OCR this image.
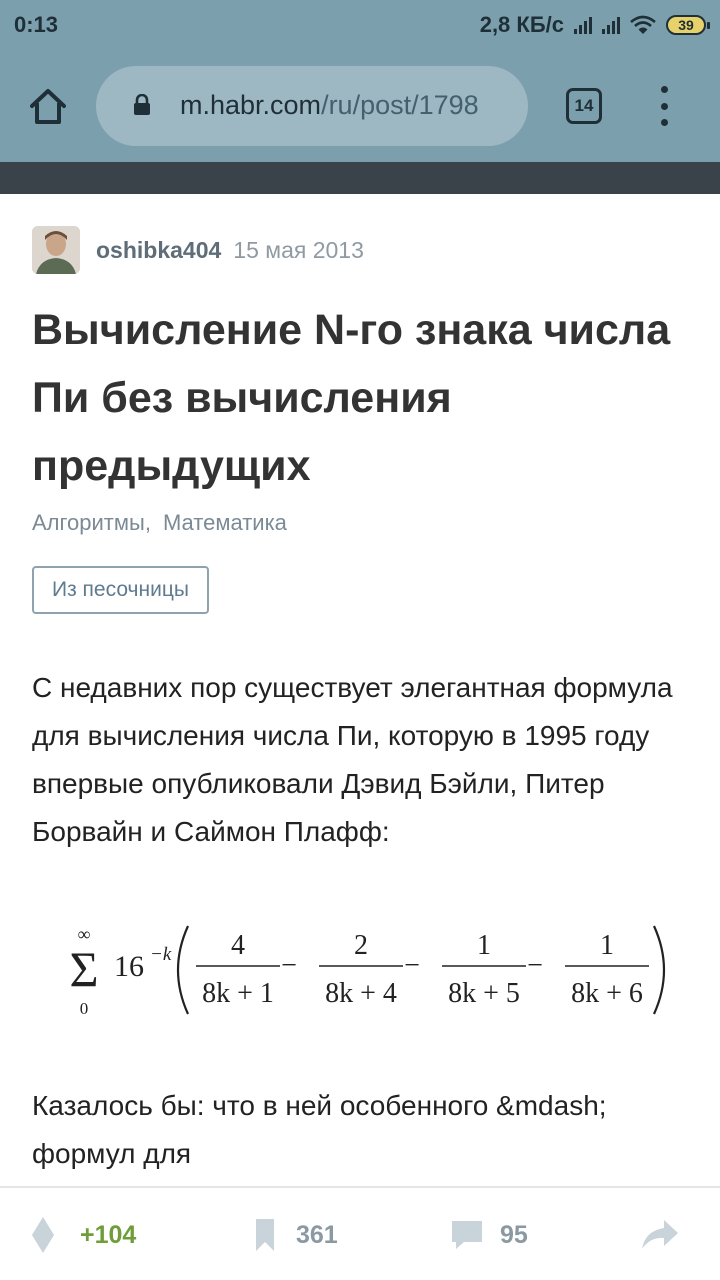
0:13	2,8 КБ/с	39
m.habr.com/ru/post/1798	14
oshibka404 15 мая 2013
Вычисление N-го знака числа Пи без вычисления предыдущих
Алгоритмы, Математика
Из песочницы

С недавних пор существует элегантная формула для вычисления числа Пи, которую в 1995 году впервые опубликовали Дэвид Бэйли, Питер Борвайн и Саймон Плафф:

∞
Σ
0
16 −k 4
8k + 1
−
2
8k + 4
−
1
8k + 5
−
1
8k + 6

Казалось бы: что в ней особенного &mdash; формул для

+104	361	95
